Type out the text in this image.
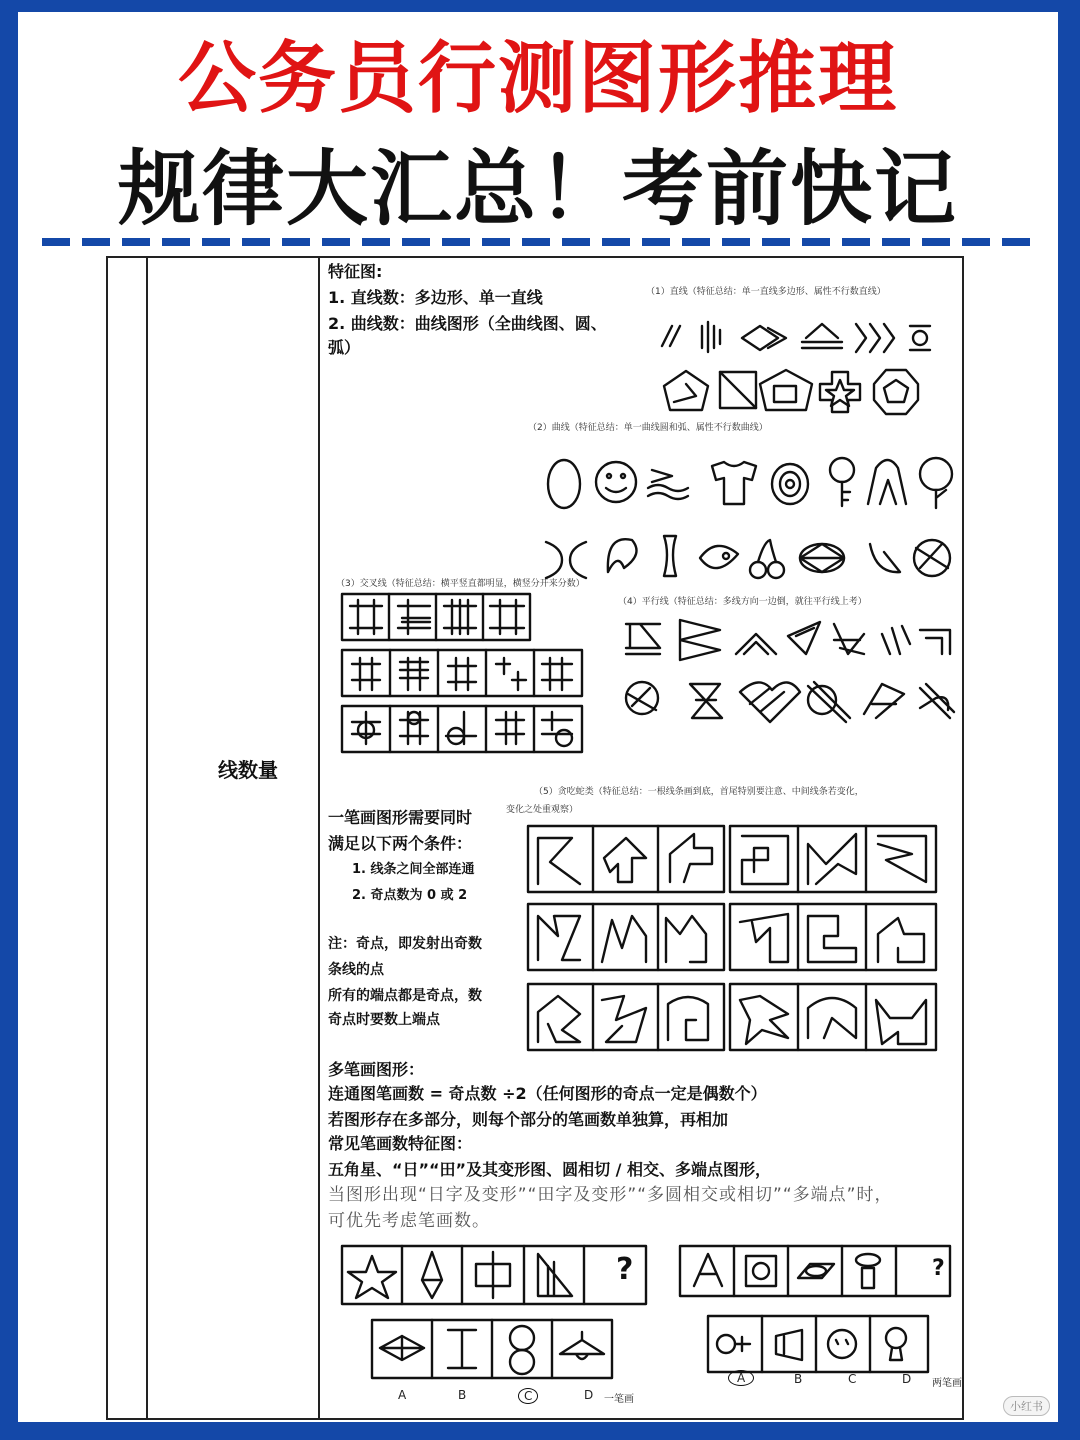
公务员行测图形推理
规律大汇总！考前快记
线数量
特征图:
1. 直线数：多边形、单一直线
2. 曲线数：曲线图形（全曲线图、圆、
弧）
（1）直线（特征总结：单一直线多边形、属性不行数直线）
（2）曲线（特征总结：单一曲线圆和弧、属性不行数曲线）
（3）交叉线（特征总结：横平竖直都明显，横竖分开来分数）
（4）平行线（特征总结：多线方向一边倒，就往平行线上考）
（5）贪吃蛇类（特征总结：一根线条画到底，首尾特别要注意、中间线条若变化，
变化之处重观察）
一笔画图形需要同时
满足以下两个条件：
1. 线条之间全部连通
2. 奇点数为 0 或 2
注：奇点，即发射出奇数
条线的点
所有的端点都是奇点，数
奇点时要数上端点
多笔画图形：
连通图笔画数 = 奇点数 ÷2（任何图形的奇点一定是偶数个）
若图形存在多部分，则每个部分的笔画数单独算，再相加
常见笔画数特征图：
五角星、“日”“田”及其变形图、圆相切 / 相交、多端点图形，
当图形出现“日字及变形”“田字及变形”“多圆相交或相切”“多端点”时，
可优先考虑笔画数。
?
A	B	C	D 一笔画
?
A	B	C	D 两笔画
小红书
